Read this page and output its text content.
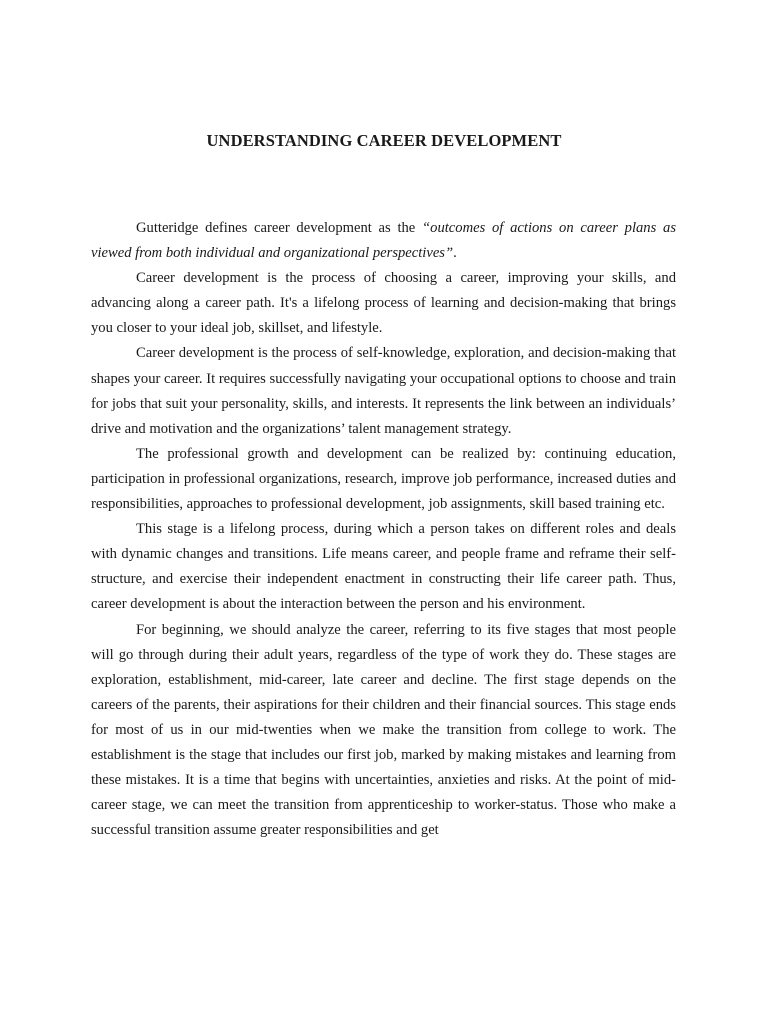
UNDERSTANDING CAREER DEVELOPMENT

Gutteridge defines career development as the “outcomes of actions on career plans as viewed from both individual and organizational perspectives”.

Career development is the process of choosing a career, improving your skills, and advancing along a career path. It's a lifelong process of learning and decision-making that brings you closer to your ideal job, skillset, and lifestyle.

Career development is the process of self-knowledge, exploration, and decision-making that shapes your career. It requires successfully navigating your occupational options to choose and train for jobs that suit your personality, skills, and interests. It represents the link between an individuals’ drive and motivation and the organizations’ talent management strategy.

The professional growth and development can be realized by: continuing education, participation in professional organizations, research, improve job performance, increased duties and responsibilities, approaches to professional development, job assignments, skill based training etc.

This stage is a lifelong process, during which a person takes on different roles and deals with dynamic changes and transitions. Life means career, and people frame and reframe their self-structure, and exercise their independent enactment in constructing their life career path. Thus, career development is about the interaction between the person and his environment.

For beginning, we should analyze the career, referring to its five stages that most people will go through during their adult years, regardless of the type of work they do. These stages are exploration, establishment, mid-career, late career and decline. The first stage depends on the careers of the parents, their aspirations for their children and their financial sources. This stage ends for most of us in our mid-twenties when we make the transition from college to work. The establishment is the stage that includes our first job, marked by making mistakes and learning from these mistakes. It is a time that begins with uncertainties, anxieties and risks. At the point of mid-career stage, we can meet the transition from apprenticeship to worker-status. Those who make a successful transition assume greater responsibilities and get
